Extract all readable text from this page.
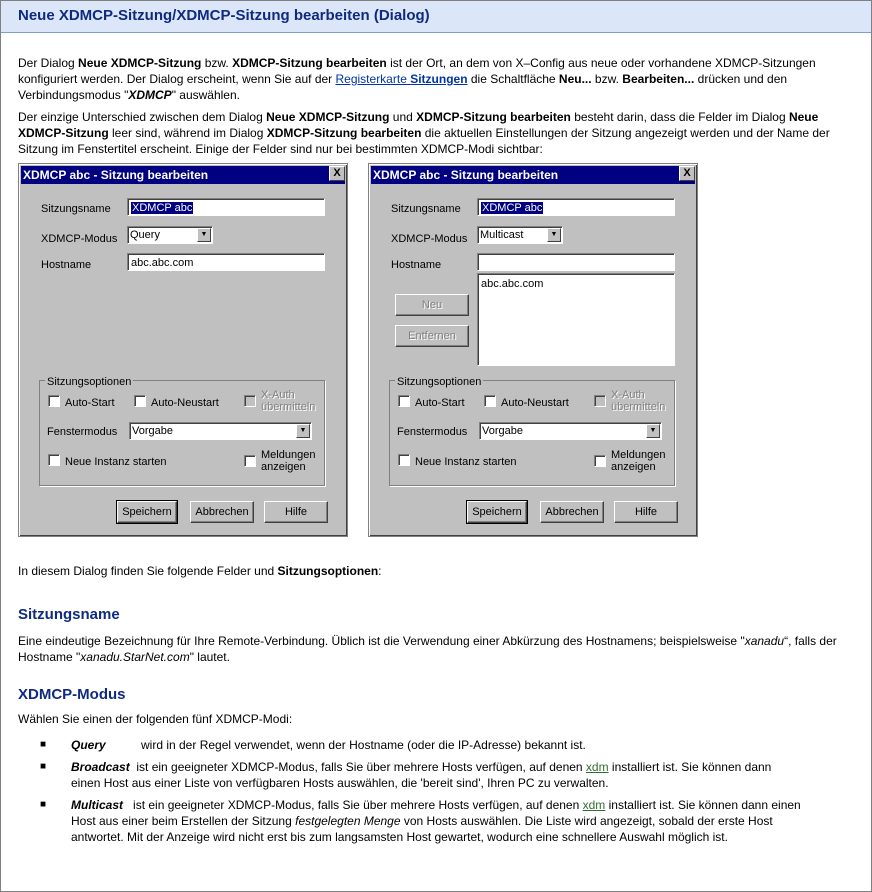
Neue XDMCP-Sitzung/XDMCP-Sitzung bearbeiten (Dialog)

Der Dialog Neue XDMCP-Sitzung bzw. XDMCP-Sitzung bearbeiten ist der Ort, an dem von X–Config aus neue oder vorhandene XDMCP-Sitzungen konfiguriert werden. Der Dialog erscheint, wenn Sie auf der Registerkarte Sitzungen die Schaltfläche Neu... bzw. Bearbeiten... drücken und den Verbindungsmodus "XDMCP" auswählen.

Der einzige Unterschied zwischen dem Dialog Neue XDMCP-Sitzung und XDMCP-Sitzung bearbeiten besteht darin, dass die Felder im Dialog Neue XDMCP-Sitzung leer sind, während im Dialog XDMCP-Sitzung bearbeiten die aktuellen Einstellungen der Sitzung angezeigt werden und der Name der Sitzung im Fenstertitel erscheint. Einige der Felder sind nur bei bestimmten XDMCP-Modi sichtbar:

XDMCP abc - Sitzung bearbeiten	X
Sitzungsname	XDMCP abc
XDMCP-Modus Query	▼
Hostname	abc.abc.com
Sitzungsoptionen
Auto-Start	Auto-Neustart
X-Auth
übermitteln
Fenstermodus Vorgabe	▼
Neue Instanz starten
Meldungen
anzeigen
Speichern	Abbrechen	Hilfe
XDMCP abc - Sitzung bearbeiten	X
Sitzungsname	XDMCP abc
XDMCP-Modus Multicast	▼
Hostname
abc.abc.com
Neu
Entfernen
Sitzungsoptionen
Auto-Start	Auto-Neustart
X-Auth
übermitteln
Fenstermodus Vorgabe	▼
Neue Instanz starten
Meldungen
anzeigen
Speichern	Abbrechen	Hilfe

In diesem Dialog finden Sie folgende Felder und Sitzungsoptionen:

Sitzungsname

Eine eindeutige Bezeichnung für Ihre Remote-Verbindung. Üblich ist die Verwendung einer Abkürzung des Hostnamens; beispielsweise "xanadu“, falls der Hostname "xanadu.StarNet.com" lautet.

XDMCP-Modus

Wählen Sie einen der folgenden fünf XDMCP-Modi:

■ Query	wird in der Regel verwendet, wenn der Hostname (oder die IP-Adresse) bekannt ist.
■ Broadcast ist ein geeigneter XDMCP-Modus, falls Sie über mehrere Hosts verfügen, auf denen xdm installiert ist. Sie können dann einen Host aus einer Liste von verfügbaren Hosts auswählen, die 'bereit sind', Ihren PC zu verwalten.
■ Multicast ist ein geeigneter XDMCP-Modus, falls Sie über mehrere Hosts verfügen, auf denen xdm installiert ist. Sie können dann einen Host aus einer beim Erstellen der Sitzung festgelegten Menge von Hosts auswählen. Die Liste wird angezeigt, sobald der erste Host antwortet. Mit der Anzeige wird nicht erst bis zum langsamsten Host gewartet, wodurch eine schnellere Auswahl möglich ist.
